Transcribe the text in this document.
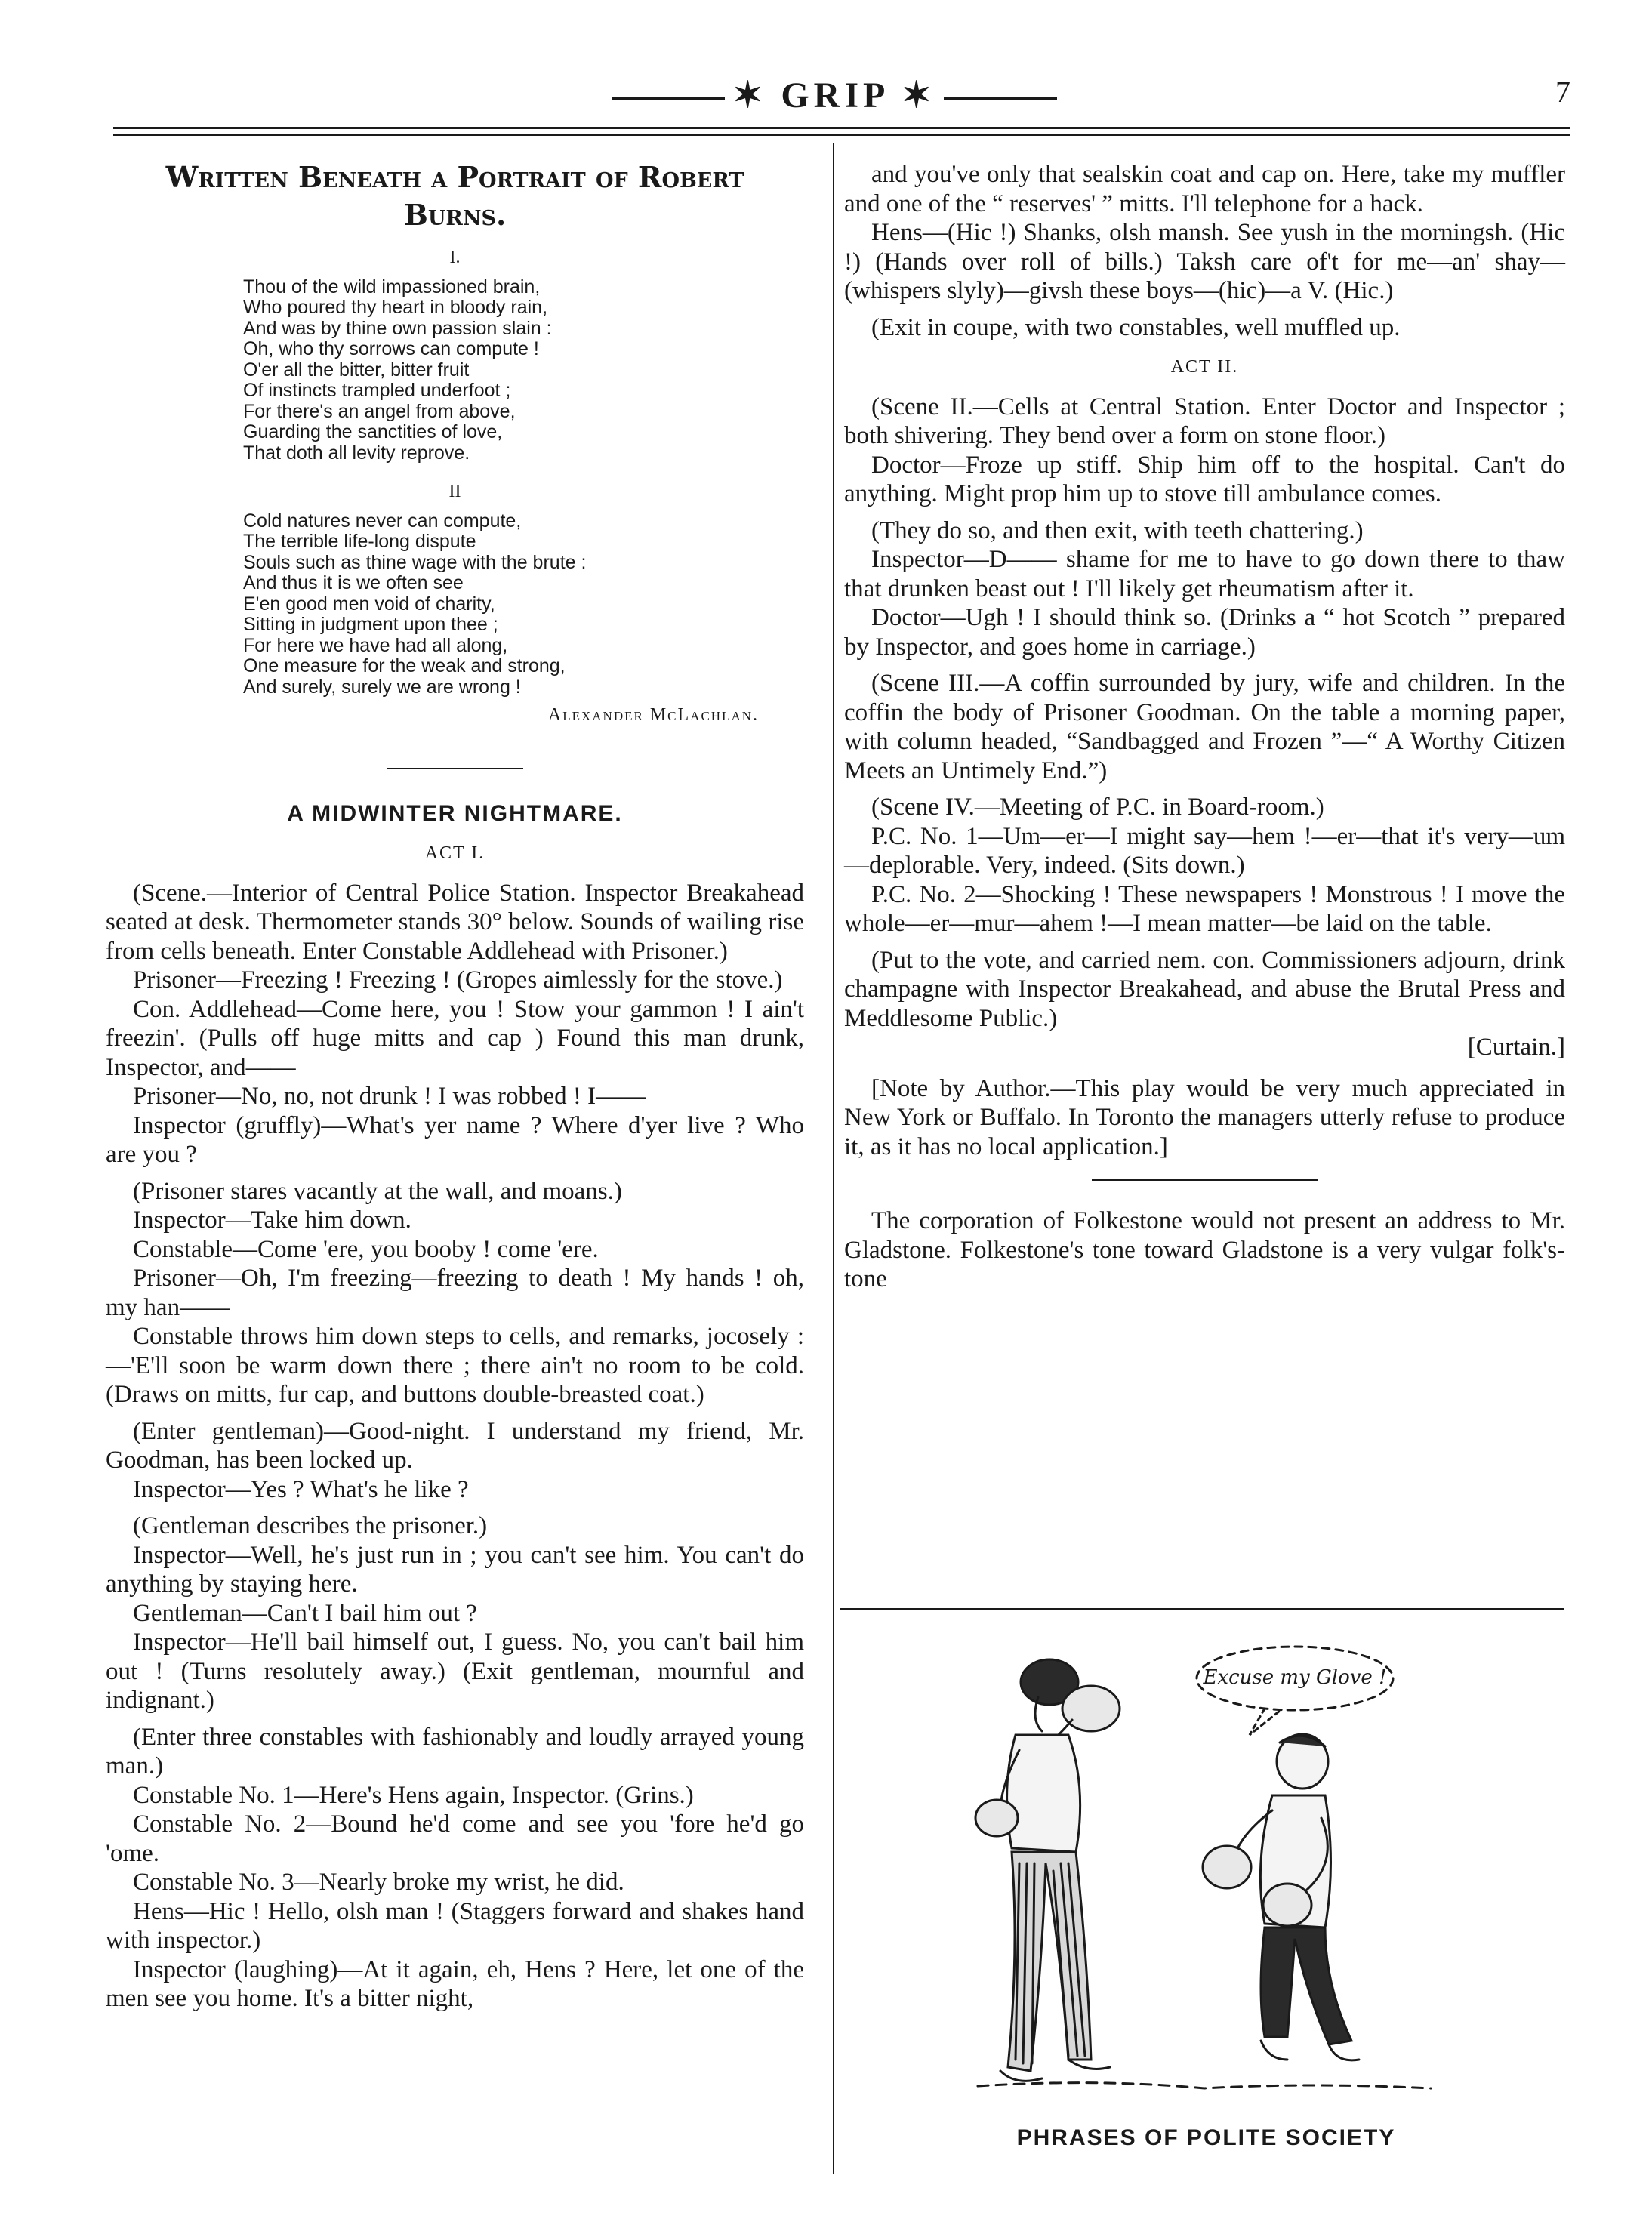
✶ GRIP ✶	7
Written Beneath a Portrait of Robert
Burns.
I.
Thou of the wild impassioned brain,
Who poured thy heart in bloody rain,
And was by thine own passion slain :
Oh, who thy sorrows can compute !
O'er all the bitter, bitter fruit
Of instincts trampled underfoot ;
For there's an angel from above,
Guarding the sanctities of love,
That doth all levity reprove.
II
Cold natures never can compute,
The terrible life-long dispute
Souls such as thine wage with the brute :
And thus it is we often see
E'en good men void of charity,
Sitting in judgment upon thee ;
For here we have had all along,
One measure for the weak and strong,
And surely, surely we are wrong !
Alexander McLachlan.
A MIDWINTER NIGHTMARE.
ACT I.

(Scene.—Interior of Central Police Station. Inspector Breakahead seated at desk. Thermometer stands 30° below. Sounds of wailing rise from cells beneath. Enter Constable Addlehead with Prisoner.)

Prisoner—Freezing ! Freezing ! (Gropes aimlessly for the stove.)

Con. Addlehead—Come here, you ! Stow your gammon ! I ain't freezin'. (Pulls off huge mitts and cap ) Found this man drunk, Inspector, and——

Prisoner—No, no, not drunk ! I was robbed ! I——

Inspector (gruffly)—What's yer name ? Where d'yer live ? Who are you ?

(Prisoner stares vacantly at the wall, and moans.)

Inspector—Take him down.

Constable—Come 'ere, you booby ! come 'ere.

Prisoner—Oh, I'm freezing—freezing to death ! My hands ! oh, my han——

Constable throws him down steps to cells, and remarks, jocosely :—'E'll soon be warm down there ; there ain't no room to be cold. (Draws on mitts, fur cap, and buttons double-breasted coat.)

(Enter gentleman)—Good-night. I understand my friend, Mr. Goodman, has been locked up.

Inspector—Yes ? What's he like ?

(Gentleman describes the prisoner.)

Inspector—Well, he's just run in ; you can't see him. You can't do anything by staying here.

Gentleman—Can't I bail him out ?

Inspector—He'll bail himself out, I guess. No, you can't bail him out ! (Turns resolutely away.) (Exit gentleman, mournful and indignant.)

(Enter three constables with fashionably and loudly arrayed young man.)

Constable No. 1—Here's Hens again, Inspector. (Grins.)

Constable No. 2—Bound he'd come and see you 'fore he'd go 'ome.

Constable No. 3—Nearly broke my wrist, he did.

Hens—Hic ! Hello, olsh man ! (Staggers forward and shakes hand with inspector.)

Inspector (laughing)—At it again, eh, Hens ? Here, let one of the men see you home. It's a bitter night,

and you've only that sealskin coat and cap on. Here, take my muffler and one of the “ reserves' ” mitts. I'll telephone for a hack.

Hens—(Hic !) Shanks, olsh mansh. See yush in the morningsh. (Hic !) (Hands over roll of bills.) Taksh care of't for me—an' shay—(whispers slyly)—givsh these boys—(hic)—a V. (Hic.)

(Exit in coupe, with two constables, well muffled up.

ACT II.

(Scene II.—Cells at Central Station. Enter Doctor and Inspector ; both shivering. They bend over a form on stone floor.)

Doctor—Froze up stiff. Ship him off to the hospital. Can't do anything. Might prop him up to stove till ambulance comes.

(They do so, and then exit, with teeth chattering.)

Inspector—D—— shame for me to have to go down there to thaw that drunken beast out ! I'll likely get rheumatism after it.

Doctor—Ugh ! I should think so. (Drinks a “ hot Scotch ” prepared by Inspector, and goes home in carriage.)

(Scene III.—A coffin surrounded by jury, wife and children. In the coffin the body of Prisoner Goodman. On the table a morning paper, with column headed, “Sandbagged and Frozen ”—“ A Worthy Citizen Meets an Untimely End.”)

(Scene IV.—Meeting of P.C. in Board-room.)

P.C. No. 1—Um—er—I might say—hem !—er—that it's very—um—deplorable. Very, indeed. (Sits down.)

P.C. No. 2—Shocking ! These newspapers ! Monstrous ! I move the whole—er—mur—ahem !—I mean matter—be laid on the table.

(Put to the vote, and carried nem. con. Commissioners adjourn, drink champagne with Inspector Breakahead, and abuse the Brutal Press and Meddlesome Public.)

[Curtain.]

[Note by Author.—This play would be very much appreciated in New York or Buffalo. In Toronto the managers utterly refuse to produce it, as it has no local application.]

The corporation of Folkestone would not present an address to Mr. Gladstone. Folkestone's tone toward Gladstone is a very vulgar folk's-tone

Excuse my Glove !
PHRASES OF POLITE SOCIETY
